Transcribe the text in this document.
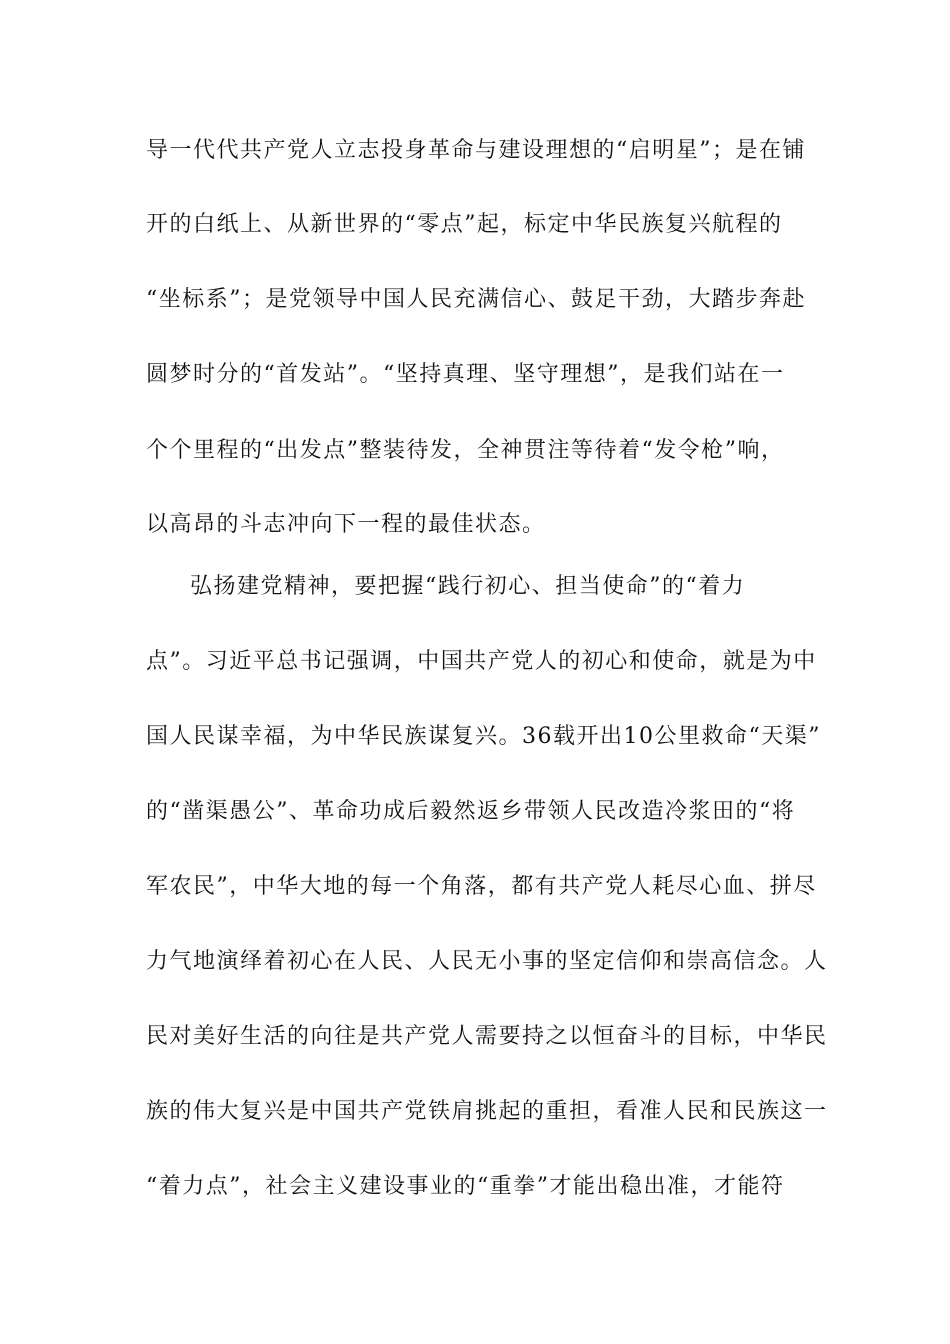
导一代代共产党人立志投身革命与建设理想的“启明星”；是在铺
开的白纸上、从新世界的“零点”起，标定中华民族复兴航程的
“坐标系”；是党领导中国人民充满信心、鼓足干劲，大踏步奔赴
圆梦时分的“首发站”。“坚持真理、坚守理想”，是我们站在一
个个里程的“出发点”整装待发，全神贯注等待着“发令枪”响，
以高昂的斗志冲向下一程的最佳状态。
弘扬建党精神，要把握“践行初心、担当使命”的“着力
点”。习近平总书记强调，中国共产党人的初心和使命，就是为中
国人民谋幸福，为中华民族谋复兴。36载开出10公里救命“天渠”
的“凿渠愚公”、革命功成后毅然返乡带领人民改造冷浆田的“将
军农民”，中华大地的每一个角落，都有共产党人耗尽心血、拼尽
力气地演绎着初心在人民、人民无小事的坚定信仰和崇高信念。人
民对美好生活的向往是共产党人需要持之以恒奋斗的目标，中华民
族的伟大复兴是中国共产党铁肩挑起的重担，看准人民和民族这一
“着力点”，社会主义建设事业的“重拳”才能出稳出准，才能符
